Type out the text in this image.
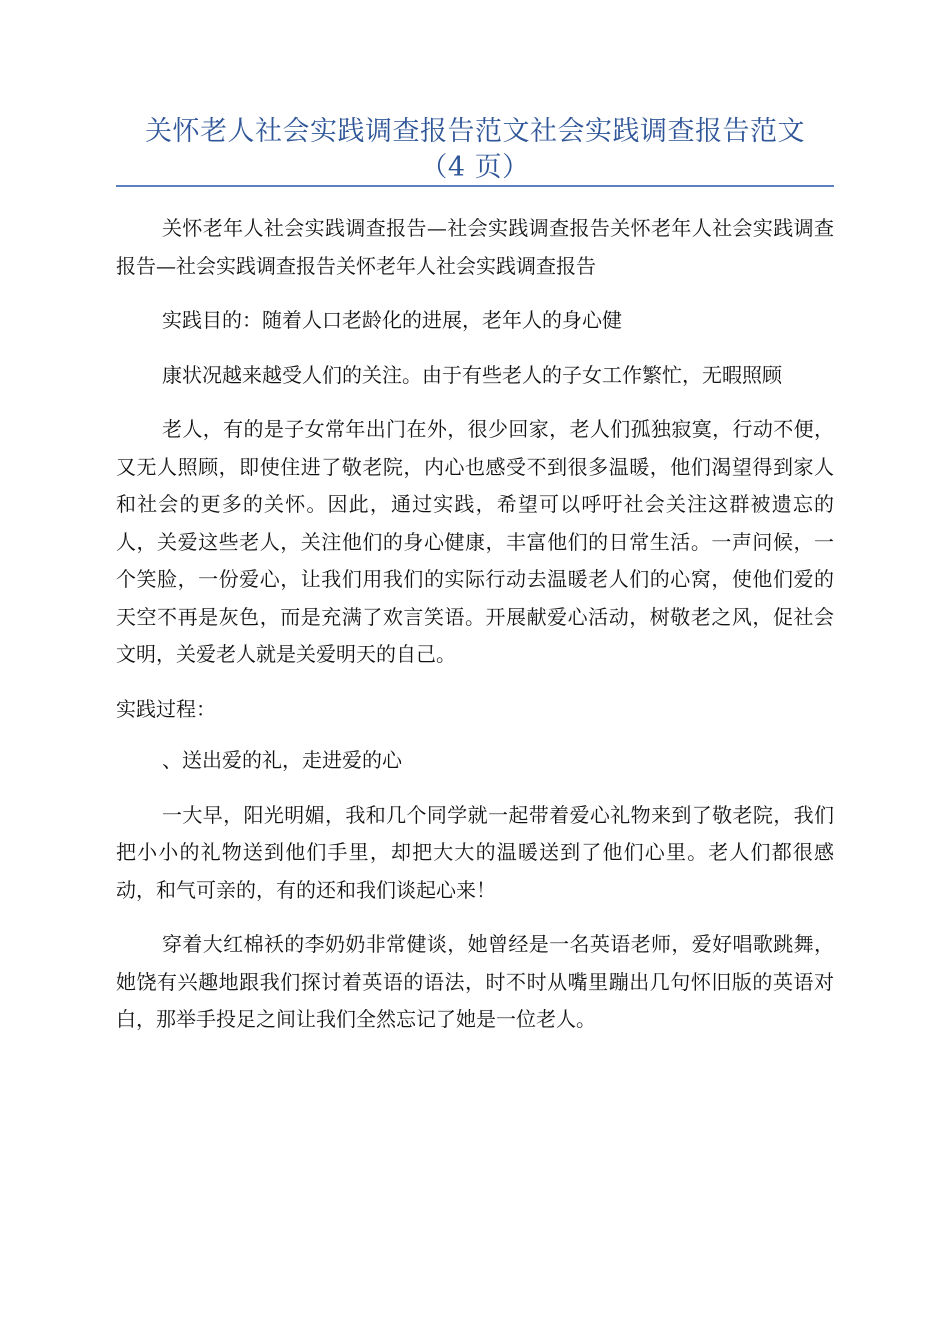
关怀老人社会实践调查报告范文社会实践调查报告范文
（4 页）

关怀老年人社会实践调查报告—社会实践调查报告关怀老年人社会实践调查报告—社会实践调查报告关怀老年人社会实践调查报告

实践目的：随着人口老龄化的进展，老年人的身心健

康状况越来越受人们的关注。由于有些老人的子女工作繁忙，无暇照顾

老人，有的是子女常年出门在外，很少回家，老人们孤独寂寞，行动不便，又无人照顾，即使住进了敬老院，内心也感受不到很多温暖，他们渴望得到家人和社会的更多的关怀。因此，通过实践，希望可以呼吁社会关注这群被遗忘的人，关爱这些老人，关注他们的身心健康，丰富他们的日常生活。一声问候，一个笑脸，一份爱心，让我们用我们的实际行动去温暖老人们的心窝，使他们爱的天空不再是灰色，而是充满了欢言笑语。开展献爱心活动，树敬老之风，促社会文明，关爱老人就是关爱明天的自己。

实践过程：

、送出爱的礼，走进爱的心

一大早，阳光明媚，我和几个同学就一起带着爱心礼物来到了敬老院，我们把小小的礼物送到他们手里，却把大大的温暖送到了他们心里。老人们都很感动，和气可亲的，有的还和我们谈起心来！

穿着大红棉袄的李奶奶非常健谈，她曾经是一名英语老师，爱好唱歌跳舞，她饶有兴趣地跟我们探讨着英语的语法，时不时从嘴里蹦出几句怀旧版的英语对白，那举手投足之间让我们全然忘记了她是一位老人。
